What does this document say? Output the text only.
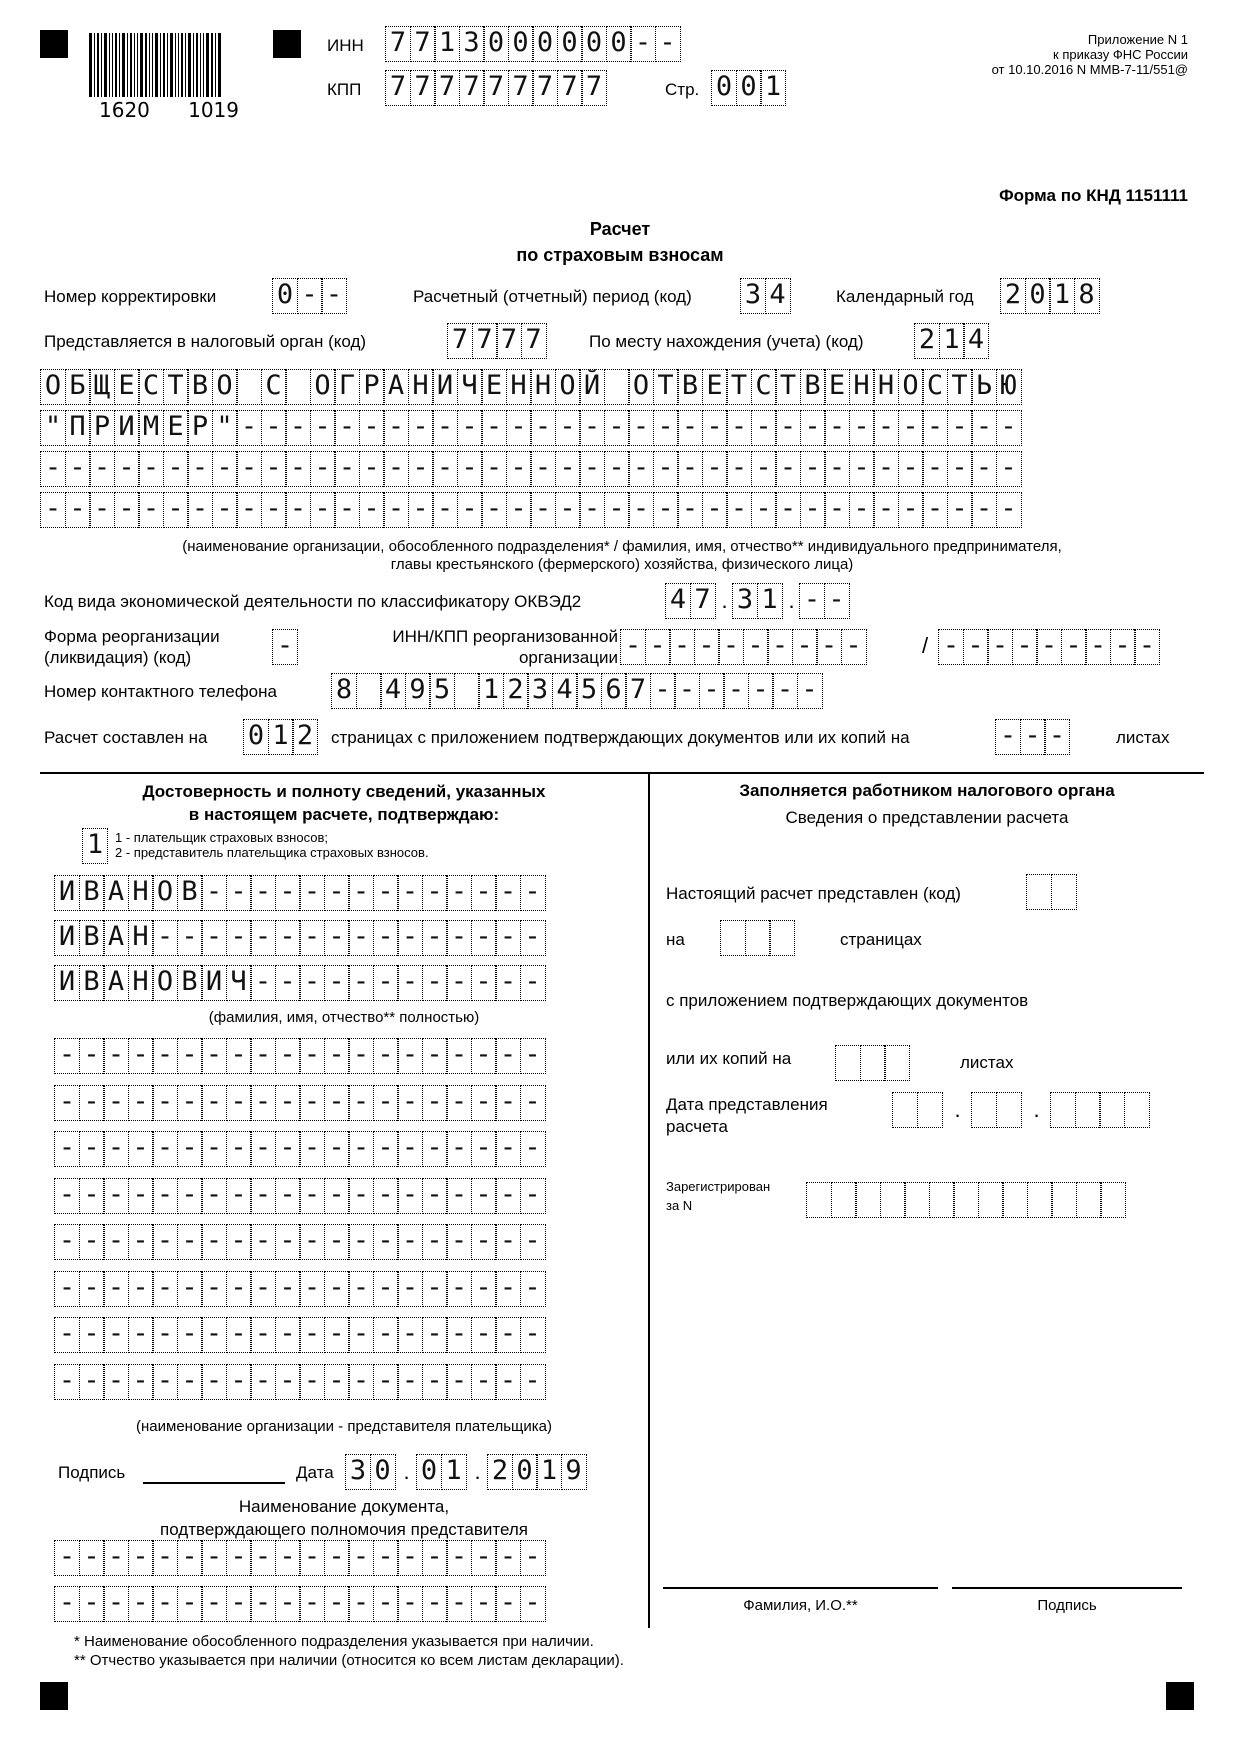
1620 1019
ИНН 7 7 1 3 0 0 0 0 0 0
-
-
КПП 7 7 7 7 7 7 7 7 7	Стр. 0 0 1
Приложение N 1
к приказу ФНС России
от 10.10.2016 N ММВ-7-11/551@
Форма по КНД 1151111
Расчет
по страховым взносам
Номер корректировки 0 - -	Расчетный (отчетный) период (код) 3 4	Календарный год 2 0 1 8
Представляется в налоговый орган (код)	7 7 7 7	По месту нахождения (учета) (код) 2 1 4
О Б Щ Е С Т В О С О Г Р А Н И Ч Е Н Н О Й О Т В Е Т С Т В Е Н Н О С Т Ь Ю
" П Р И М Е Р "
-
-
-
-
-
-
-
-
-
-
-
-
-
-
-
-
-
-
-
-
-
-
-
-
-
-
-
-
-
-
-
-
-
-
-
-
-
-
-
-
-
-
-
-
-
-
-
-
-
-
-
-
-
-
-
-
-
-
-
-
-
-
-
-
-
-
-
-
-
-
-
-
-
-
-
-
-
-
-
-
-
-
-
-
-
-
-
-
-
-
-
-
-
-
-
-
-
-
-
-
-
-
-
-
-
-
-
-
-
-
-
-
(наименование организации, обособленного подразделения* / фамилия, имя, отчество** индивидуального предпринимателя,
главы крестьянского (фермерского) хозяйства, физического лица)
Код вида экономической деятельности по классификатору ОКВЭД2	4 7 . 3 1 .
-
-
Форма реорганизации
(ликвидация) (код)
-
ИНН/КПП реорганизованной
организации - - - - - - - - - -	/
-
-
-
-
-
-
-
-
-
Номер контактного телефона 8 4 9 5 1 2 3 4 5 6 7
-
-
-
-
-
-
-
Расчет составлен на 0 1 2 страницах с приложением подтверждающих документов или их копий на - - -	листах
Достоверность и полноту сведений, указанных
в настоящем расчете, подтверждаю:
1 1 - плательщик страховых взносов;
2 - представитель плательщика страховых взносов.
И В А Н О В
-
-
-
-
-
-
-
-
-
-
-
-
-
-
И В А Н
-
-
-
-
-
-
-
-
-
-
-
-
-
-
-
-
И В А Н О В И Ч
-
-
-
-
-
-
-
-
-
-
-
-
(фамилия, имя, отчество** полностью)
-
-
-
-
-
-
-
-
-
-
-
-
-
-
-
-
-
-
-
-
-
-
-
-
-
-
-
-
-
-
-
-
-
-
-
-
-
-
-
-
-
-
-
-
-
-
-
-
-
-
-
-
-
-
-
-
-
-
-
-
-
-
-
-
-
-
-
-
-
-
-
-
-
-
-
-
-
-
-
-
-
-
-
-
-
-
-
-
-
-
-
-
-
-
-
-
-
-
-
-
-
-
-
-
-
-
-
-
-
-
-
-
-
-
-
-
-
-
-
-
-
-
-
-
-
-
-
-
-
-
-
-
-
-
-
-
-
-
-
-
-
-
-
-
-
-
-
-
-
-
-
-
-
-
-
-
-
-
-
-
(наименование организации - представителя плательщика)
Подпись	Дата 3 0 . 0 1 . 2 0 1 9
Наименование документа,
подтверждающего полномочия представителя
-
-
-
-
-
-
-
-
-
-
-
-
-
-
-
-
-
-
-
-
-
-
-
-
-
-
-
-
-
-
-
-
-
-
-
-
-
-
-
-
Заполняется работником налогового органа
Сведения о представлении расчета
Настоящий расчет представлен (код)
на	страницах
с приложением подтверждающих документов
или их копий на	листах
Дата представления
расчета
.	.
Зарегистрирован
за N
Фамилия, И.О.**	Подпись
* Наименование обособленного подразделения указывается при наличии.
** Отчество указывается при наличии (относится ко всем листам декларации).
